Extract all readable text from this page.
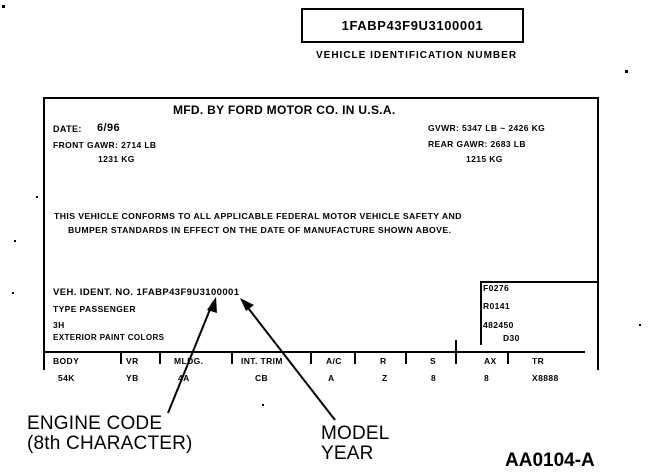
1FABP43F9U3100001
VEHICLE IDENTIFICATION NUMBER
MFD. BY FORD MOTOR CO. IN U.S.A.
DATE: 6/96
FRONT GAWR: 2714 LB
1231 KG
GVWR: 5347 LB ~ 2426 KG
REAR GAWR: 2683 LB
1215 KG
THIS VEHICLE CONFORMS TO ALL APPLICABLE FEDERAL MOTOR VEHICLE SAFETY AND
BUMPER STANDARDS IN EFFECT ON THE DATE OF MANUFACTURE SHOWN ABOVE.
VEH. IDENT. NO. 1FABP43F9U3100001
TYPE PASSENGER
3H
EXTERIOR PAINT COLORS
F0276
R0141
482450
D30
BODY	VR	MLDG.	INT. TRIM	A/C	R	S	AX	TR
54K	YB	4A	CB	A	Z	8	8	X8888
ENGINE CODE
(8th CHARACTER)	MODEL
YEAR	AA0104-A
